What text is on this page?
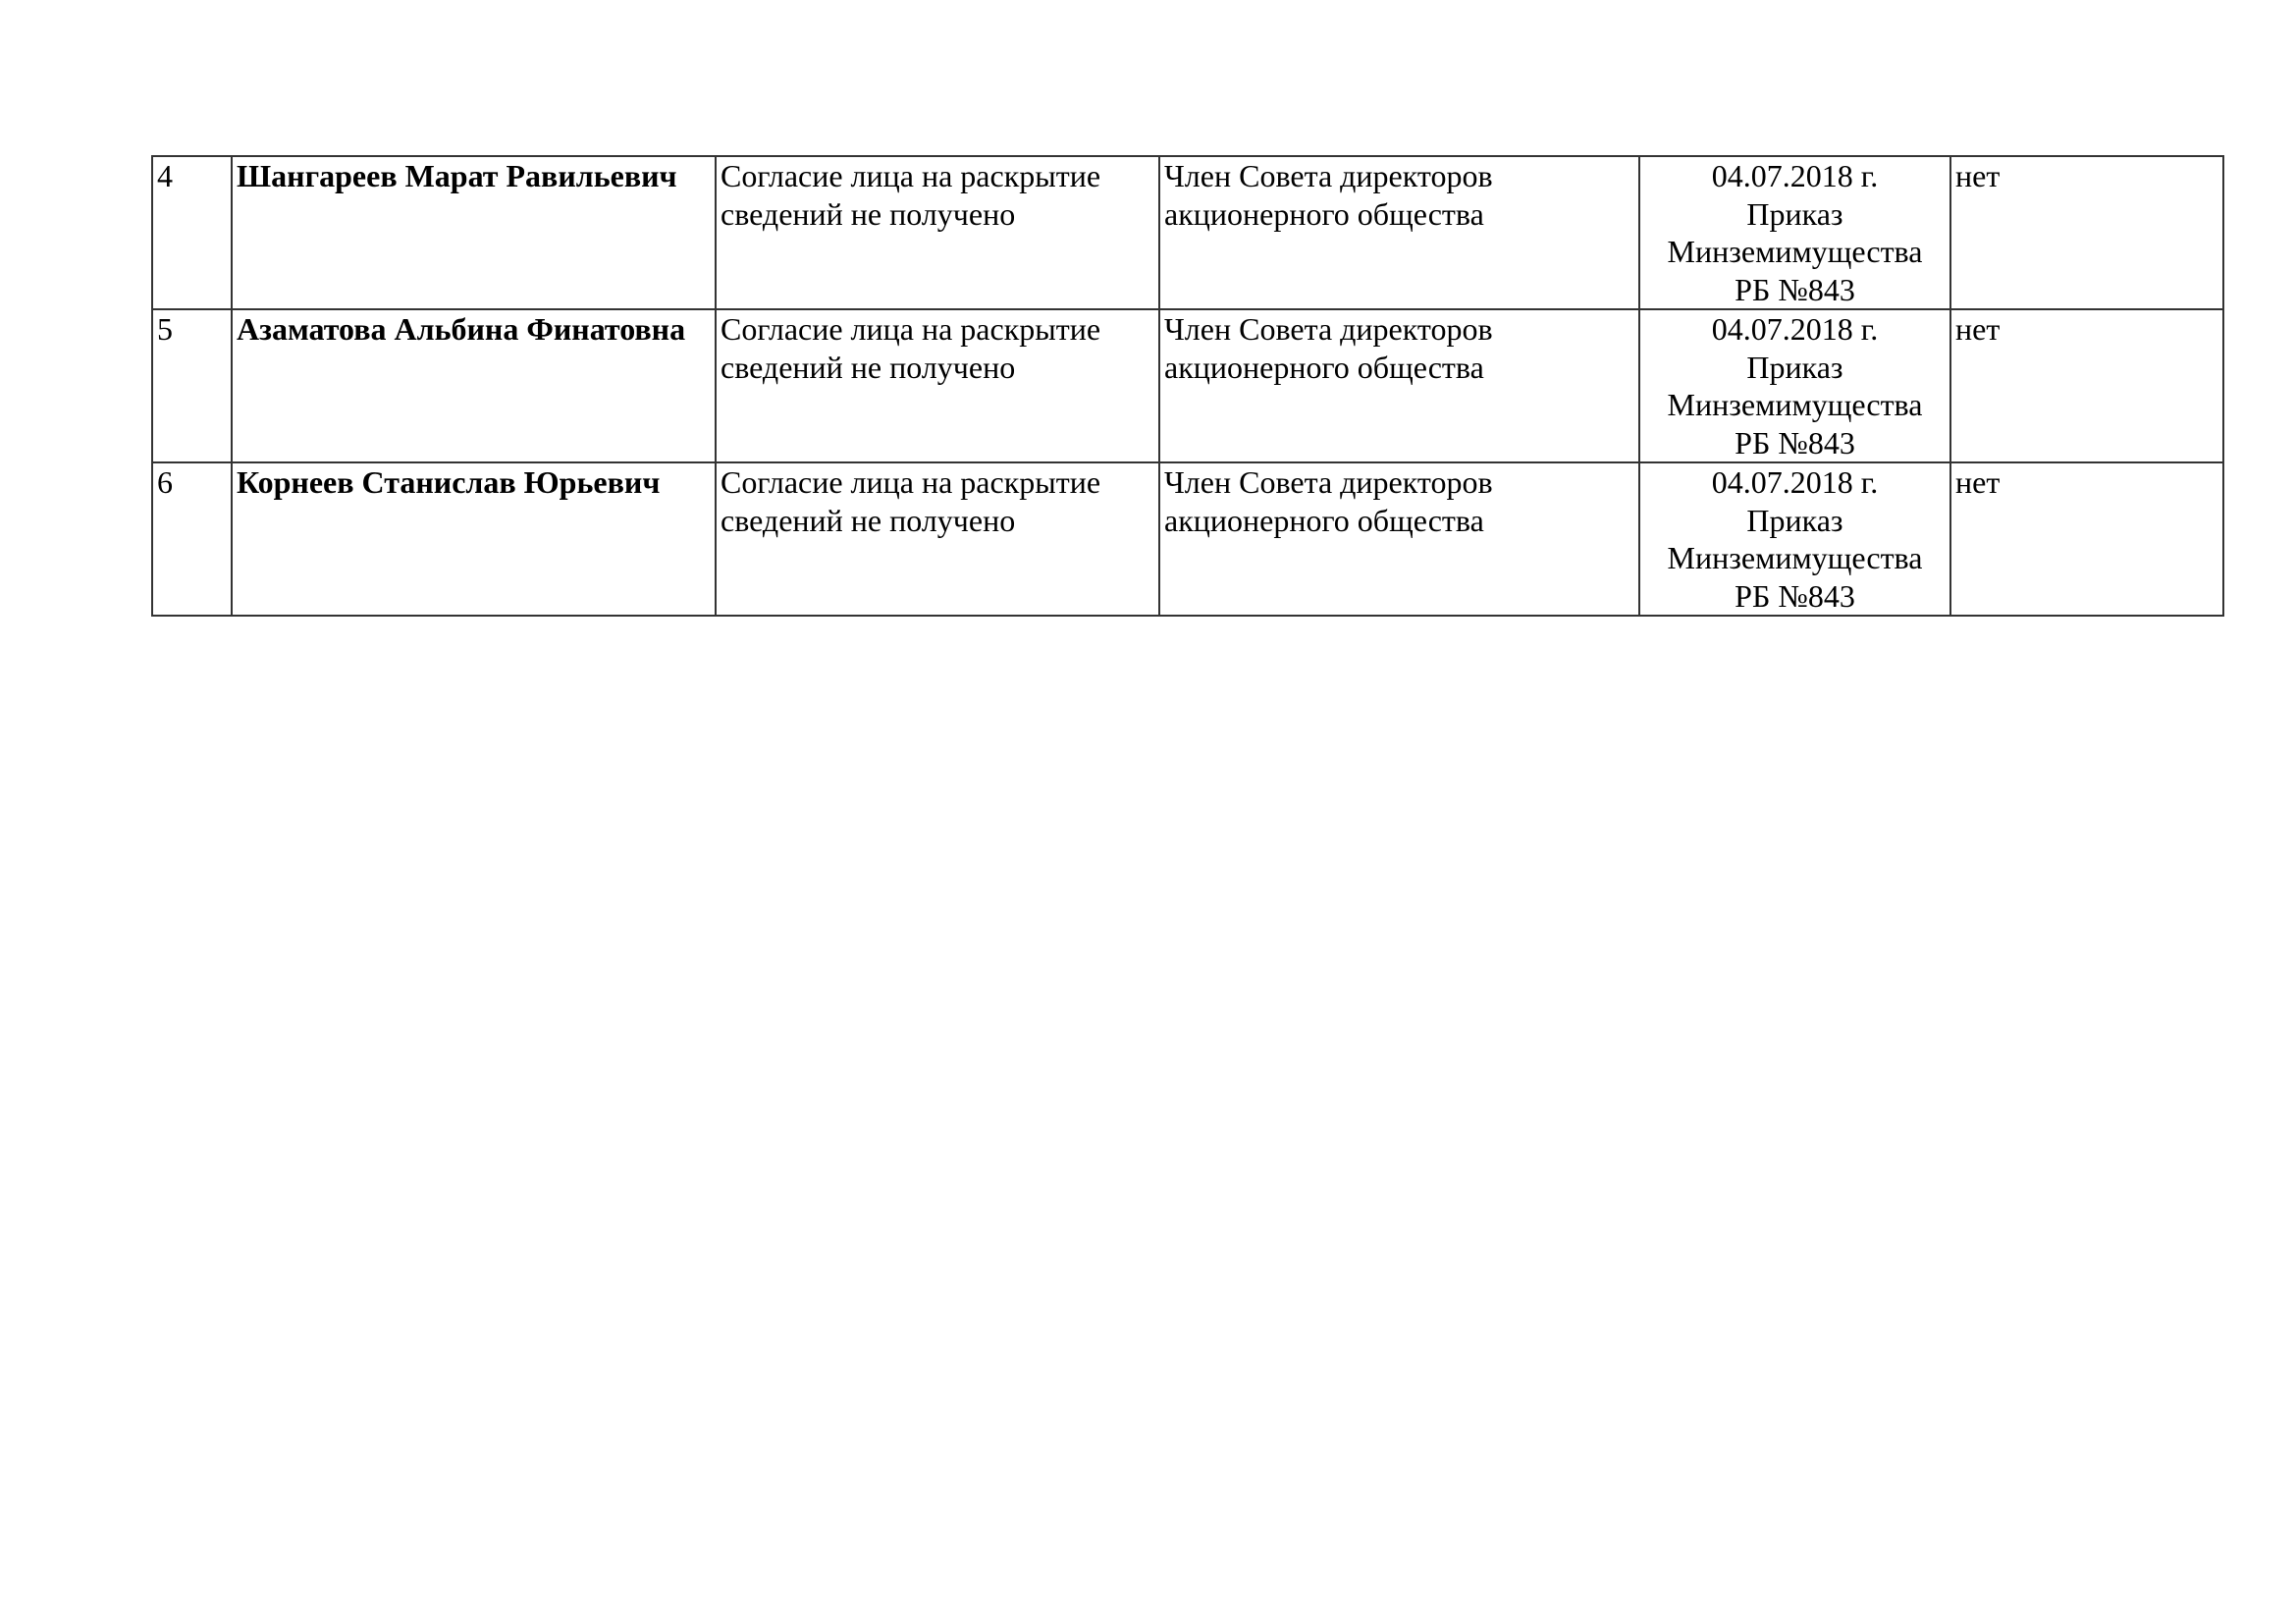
4	Шангареев Марат Равильевич	Согласие лица на раскрытие
сведений не получено	Член Совета директоров
акционерного общества	04.07.2018 г.
Приказ
Минземимущества
РБ №843	нет
5	Азаматова Альбина Финатовна	Согласие лица на раскрытие
сведений не получено	Член Совета директоров
акционерного общества	04.07.2018 г.
Приказ
Минземимущества
РБ №843	нет
6	Корнеев Станислав Юрьевич	Согласие лица на раскрытие
сведений не получено	Член Совета директоров
акционерного общества	04.07.2018 г.
Приказ
Минземимущества
РБ №843	нет
